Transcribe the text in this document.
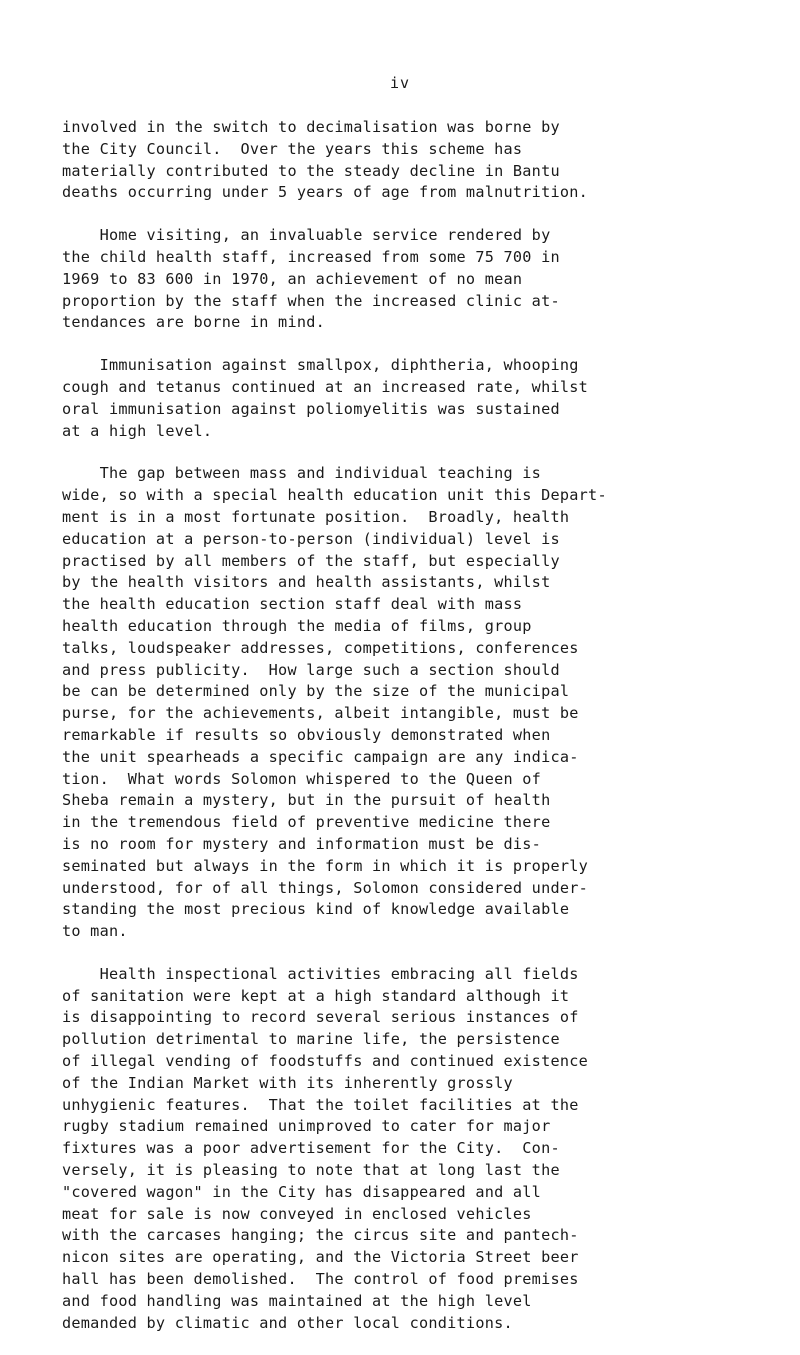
iv
involved in the switch to decimalisation was borne by
the City Council.  Over the years this scheme has
materially contributed to the steady decline in Bantu
deaths occurring under 5 years of age from malnutrition.
Home visiting, an invaluable service rendered by
the child health staff, increased from some 75 700 in
1969 to 83 600 in 1970, an achievement of no mean
proportion by the staff when the increased clinic at-
tendances are borne in mind.
Immunisation against smallpox, diphtheria, whooping
cough and tetanus continued at an increased rate, whilst
oral immunisation against poliomyelitis was sustained
at a high level.
The gap between mass and individual teaching is
wide, so with a special health education unit this Depart-
ment is in a most fortunate position.  Broadly, health
education at a person-to-person (individual) level is
practised by all members of the staff, but especially
by the health visitors and health assistants, whilst
the health education section staff deal with mass
health education through the media of films, group
talks, loudspeaker addresses, competitions, conferences
and press publicity.  How large such a section should
be can be determined only by the size of the municipal
purse, for the achievements, albeit intangible, must be
remarkable if results so obviously demonstrated when
the unit spearheads a specific campaign are any indica-
tion.  What words Solomon whispered to the Queen of
Sheba remain a mystery, but in the pursuit of health
in the tremendous field of preventive medicine there
is no room for mystery and information must be dis-
seminated but always in the form in which it is properly
understood, for of all things, Solomon considered under-
standing the most precious kind of knowledge available
to man.
Health inspectional activities embracing all fields
of sanitation were kept at a high standard although it
is disappointing to record several serious instances of
pollution detrimental to marine life, the persistence
of illegal vending of foodstuffs and continued existence
of the Indian Market with its inherently grossly
unhygienic features.  That the toilet facilities at the
rugby stadium remained unimproved to cater for major
fixtures was a poor advertisement for the City.  Con-
versely, it is pleasing to note that at long last the
"covered wagon" in the City has disappeared and all
meat for sale is now conveyed in enclosed vehicles
with the carcases hanging; the circus site and pantech-
nicon sites are operating, and the Victoria Street beer
hall has been demolished.  The control of food premises
and food handling was maintained at the high level
demanded by climatic and other local conditions.
